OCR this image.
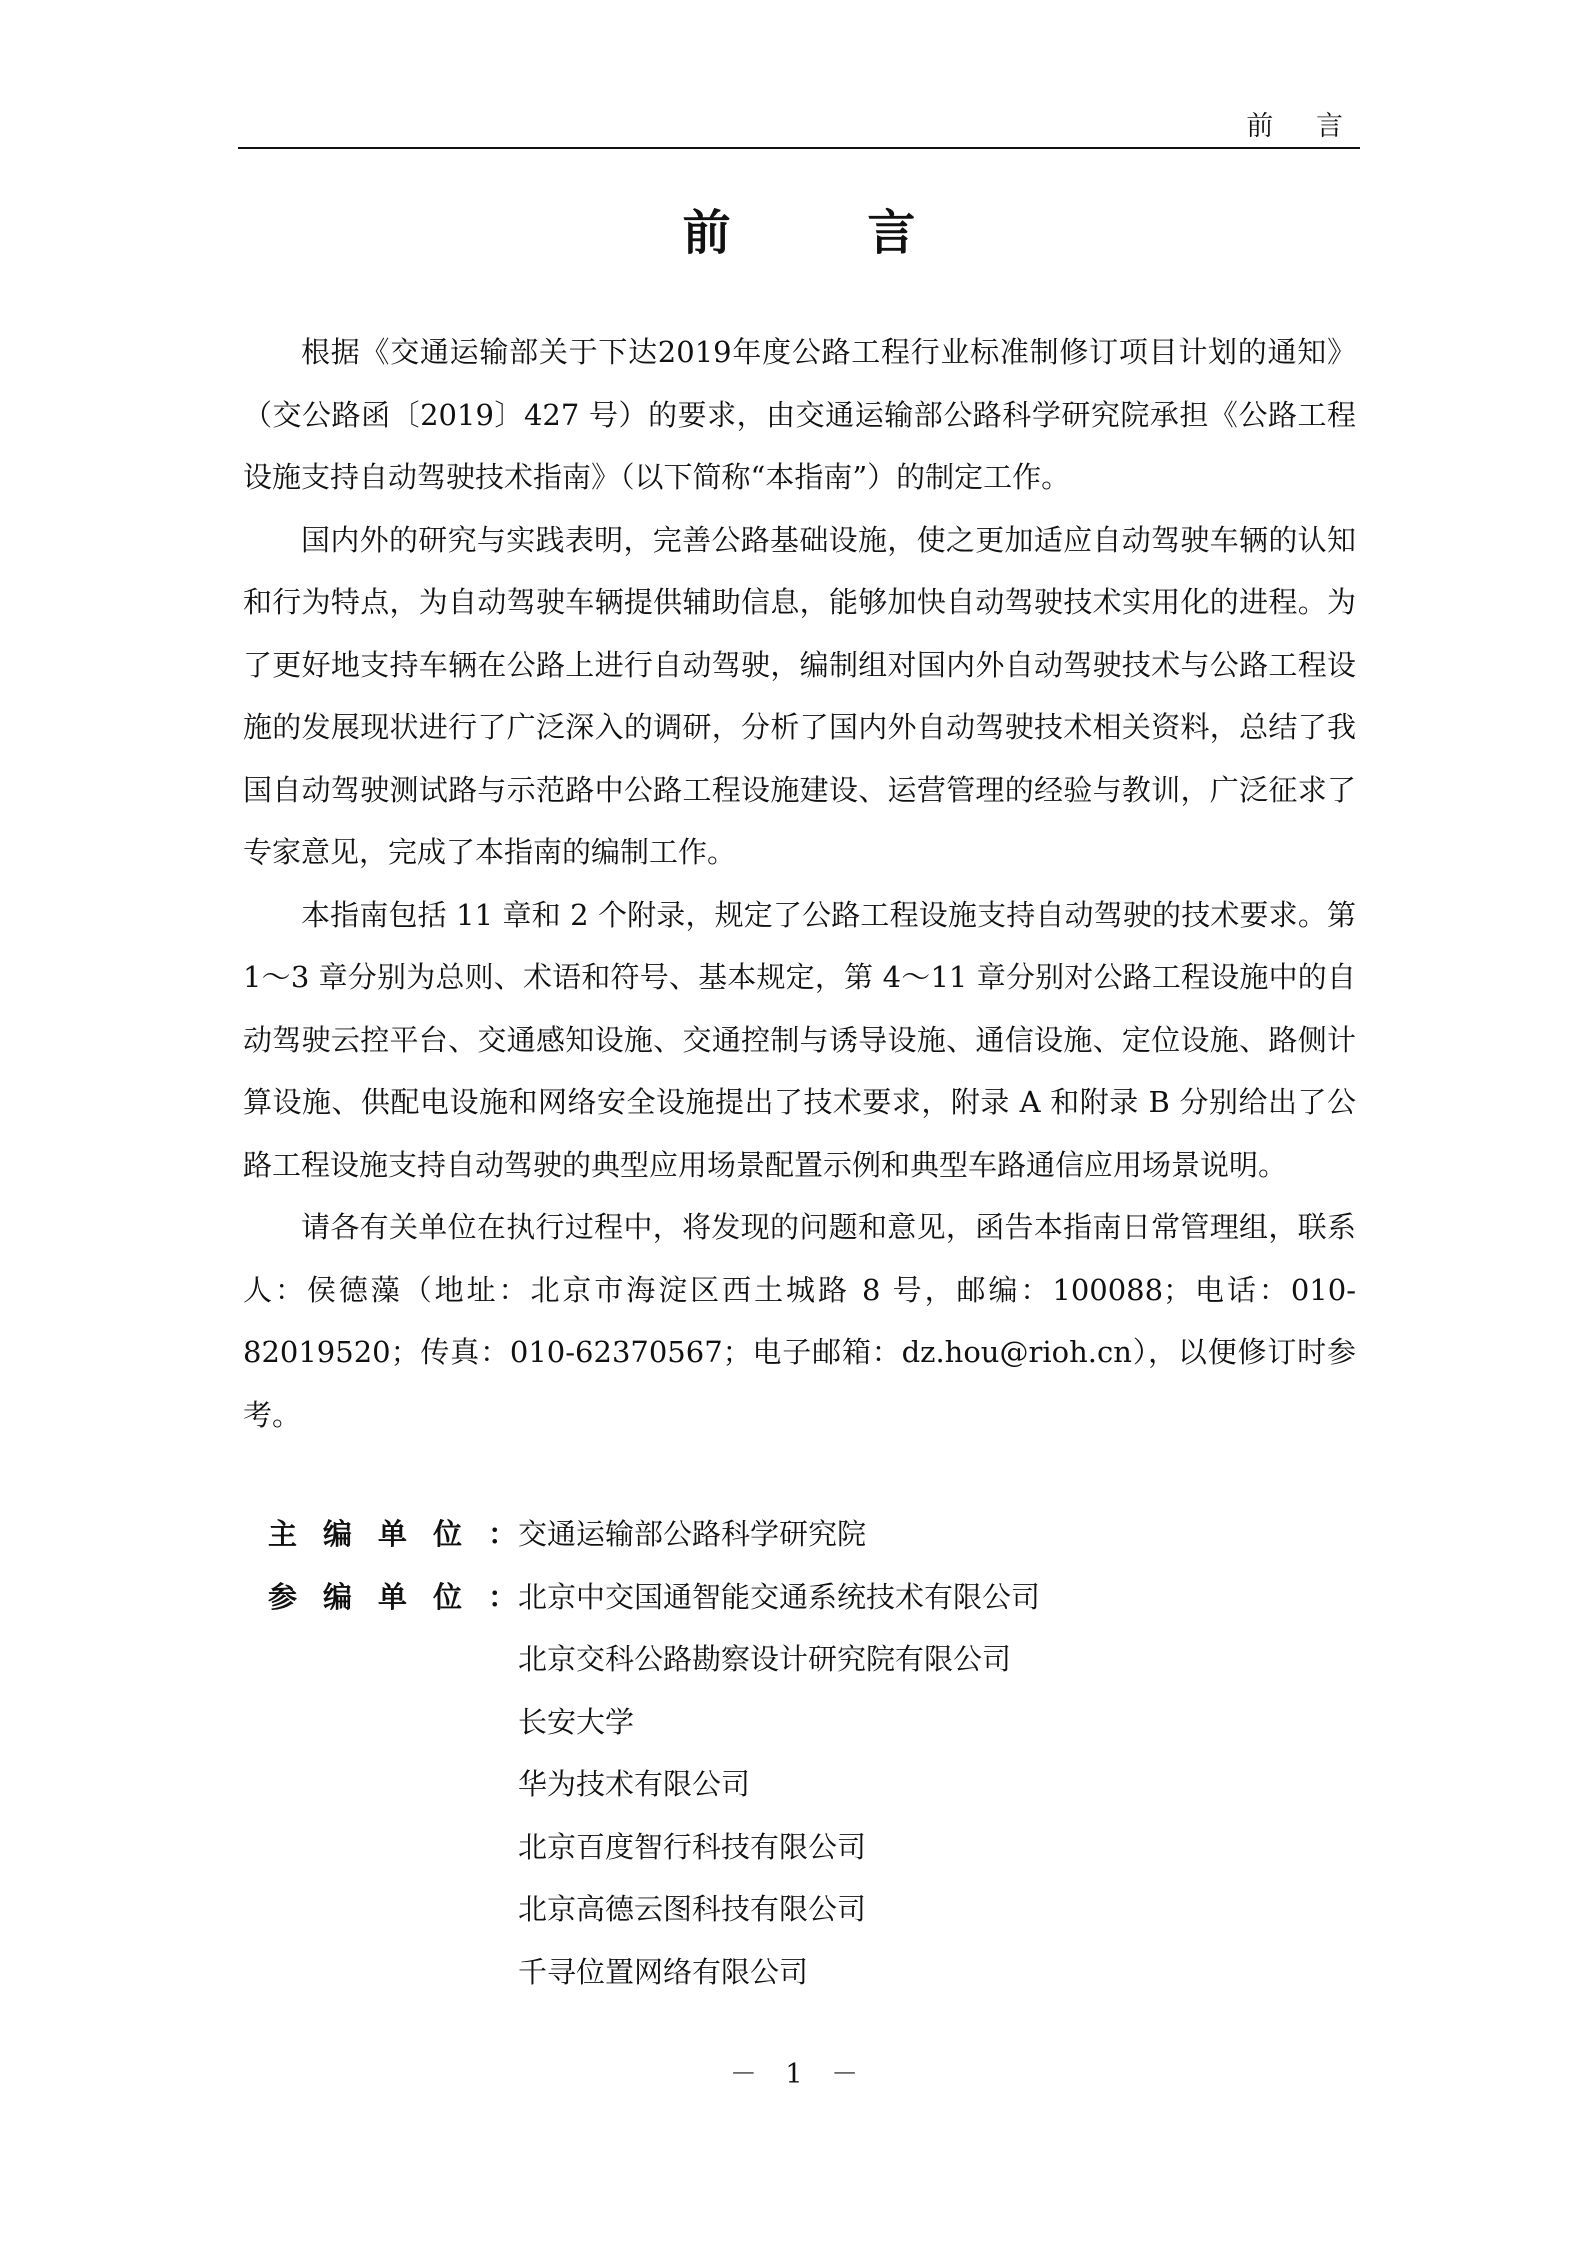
前 言
前 言

根据《交通运输部关于下达2019年度公路工程行业标准制修订项目计划的通知》（交公路函〔2019〕427 号）的要求，由交通运输部公路科学研究院承担《公路工程设施支持自动驾驶技术指南》（以下简称“本指南”）的制定工作。

国内外的研究与实践表明，完善公路基础设施，使之更加适应自动驾驶车辆的认知和行为特点，为自动驾驶车辆提供辅助信息，能够加快自动驾驶技术实用化的进程。为了更好地支持车辆在公路上进行自动驾驶，编制组对国内外自动驾驶技术与公路工程设施的发展现状进行了广泛深入的调研，分析了国内外自动驾驶技术相关资料，总结了我国自动驾驶测试路与示范路中公路工程设施建设、运营管理的经验与教训，广泛征求了专家意见，完成了本指南的编制工作。

本指南包括 11 章和 2 个附录，规定了公路工程设施支持自动驾驶的技术要求。第 1～3 章分别为总则、术语和符号、基本规定，第 4～11 章分别对公路工程设施中的自动驾驶云控平台、交通感知设施、交通控制与诱导设施、通信设施、定位设施、路侧计算设施、供配电设施和网络安全设施提出了技术要求，附录 A 和附录 B 分别给出了公路工程设施支持自动驾驶的典型应用场景配置示例和典型车路通信应用场景说明。

请各有关单位在执行过程中，将发现的问题和意见，函告本指南日常管理组，联系人：侯德藻（地址：北京市海淀区西土城路 8 号，邮编：100088；电话：010-82019520；传真：010-62370567；电子邮箱：dz.hou@rioh.cn），以便修订时参考。

主编单位：
交通运输部公路科学研究院
参编单位：
北京中交国通智能交通系统技术有限公司
北京交科公路勘察设计研究院有限公司
长安大学
华为技术有限公司
北京百度智行科技有限公司
北京高德云图科技有限公司
千寻位置网络有限公司
－ 1 －
